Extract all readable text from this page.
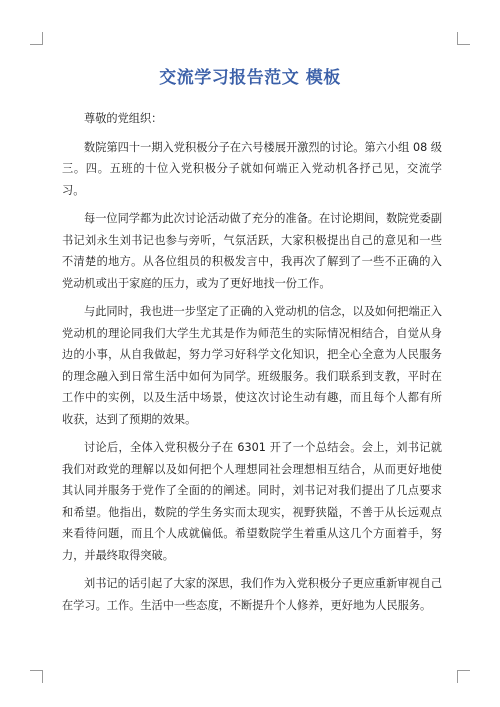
交流学习报告范文 模板

尊敬的党组织：

数院第四十一期入党积极分子在六号楼展开激烈的讨论。第六小组 08 级三。四。五班的十位入党积极分子就如何端正入党动机各抒己见，交流学习。

每一位同学都为此次讨论活动做了充分的准备。在讨论期间，数院党委副书记刘永生刘书记也参与旁听，气氛活跃，大家积极提出自己的意见和一些不清楚的地方。从各位组员的积极发言中，我再次了解到了一些不正确的入党动机或出于家庭的压力，或为了更好地找一份工作。

与此同时，我也进一步坚定了正确的入党动机的信念，以及如何把端正入党动机的理论同我们大学生尤其是作为师范生的实际情况相结合，自觉从身边的小事，从自我做起，努力学习好科学文化知识，把全心全意为人民服务的理念融入到日常生活中如何为同学。班级服务。我们联系到支教，平时在工作中的实例，以及生活中场景，使这次讨论生动有趣，而且每个人都有所收获，达到了预期的效果。

讨论后，全体入党积极分子在 6301 开了一个总结会。会上，刘书记就我们对政党的理解以及如何把个人理想同社会理想相互结合，从而更好地使其认同并服务于党作了全面的的阐述。同时，刘书记对我们提出了几点要求和希望。他指出，数院的学生务实而太现实，视野狭隘，不善于从长远观点来看待问题，而且个人成就偏低。希望数院学生着重从这几个方面着手，努力，并最终取得突破。

刘书记的话引起了大家的深思，我们作为入党积极分子更应重新审视自己在学习。工作。生活中一些态度，不断提升个人修养，更好地为人民服务。
